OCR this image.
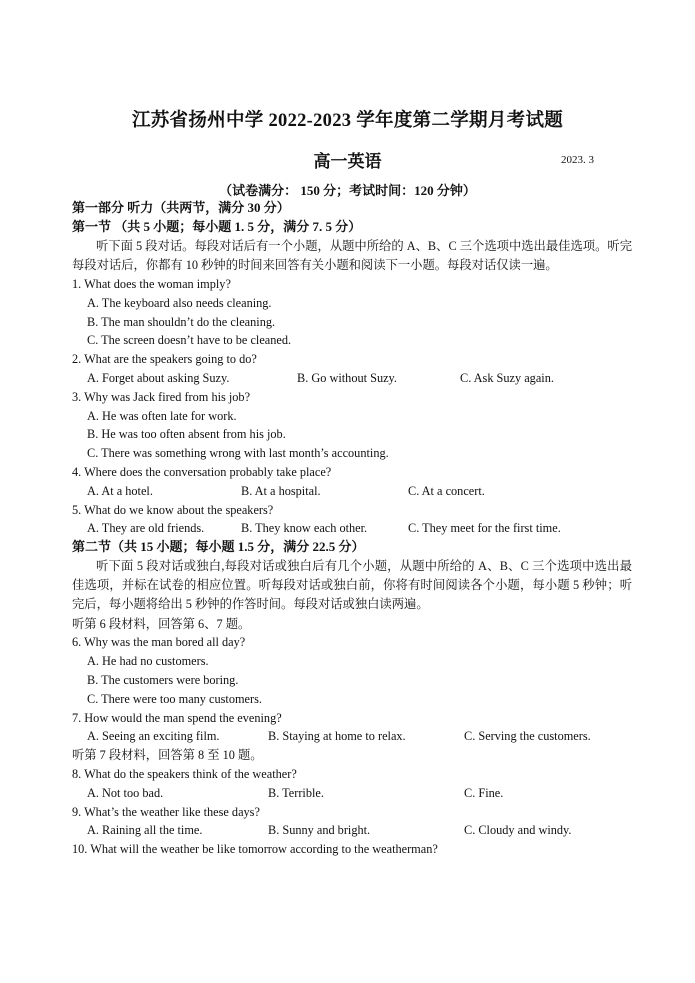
江苏省扬州中学 2022-2023 学年度第二学期月考试题
高一英语	2023. 3
（试卷满分： 150 分；考试时间：120 分钟）
第一部分 听力（共两节，满分 30 分）
第一节 （共 5 小题；每小题 1. 5 分，满分 7. 5 分）

听下面 5 段对话。每段对话后有一个小题，从题中所给的 A、B、C 三个选项中选出最佳选项。听完每段对话后，你都有 10 秒钟的时间来回答有关小题和阅读下一小题。每段对话仅读一遍。

1. What does the woman imply?
A. The keyboard also needs cleaning.
B. The man shouldn’t do the cleaning.
C. The screen doesn’t have to be cleaned.
2. What are the speakers going to do?
A. Forget about asking Suzy.	B. Go without Suzy.	C. Ask Suzy again.
3. Why was Jack fired from his job?
A. He was often late for work.
B. He was too often absent from his job.
C. There was something wrong with last month’s accounting.
4. Where does the conversation probably take place?
A. At a hotel.	B. At a hospital.	C. At a concert.
5. What do we know about the speakers?
A. They are old friends.	B. They know each other.	C. They meet for the first time.
第二节（共 15 小题；每小题 1.5 分，满分 22.5 分）

听下面 5 段对话或独白,每段对话或独白后有几个小题，从题中所给的 A、B、C 三个选项中选出最佳选项，并标在试卷的相应位置。听每段对话或独白前，你将有时间阅读各个小题，每小题 5 秒钟；听完后，每小题将给出 5 秒钟的作答时间。每段对话或独白读两遍。

听第 6 段材料，回答第 6、7 题。
6. Why was the man bored all day?
A. He had no customers.
B. The customers were boring.
C. There were too many customers.
7. How would the man spend the evening?
A. Seeing an exciting film.	B. Staying at home to relax.	C. Serving the customers.
听第 7 段材料，回答第 8 至 10 题。
8. What do the speakers think of the weather?
A. Not too bad.	B. Terrible.	C. Fine.
9. What’s the weather like these days?
A. Raining all the time.	B. Sunny and bright.	C. Cloudy and windy.
10. What will the weather be like tomorrow according to the weatherman?
